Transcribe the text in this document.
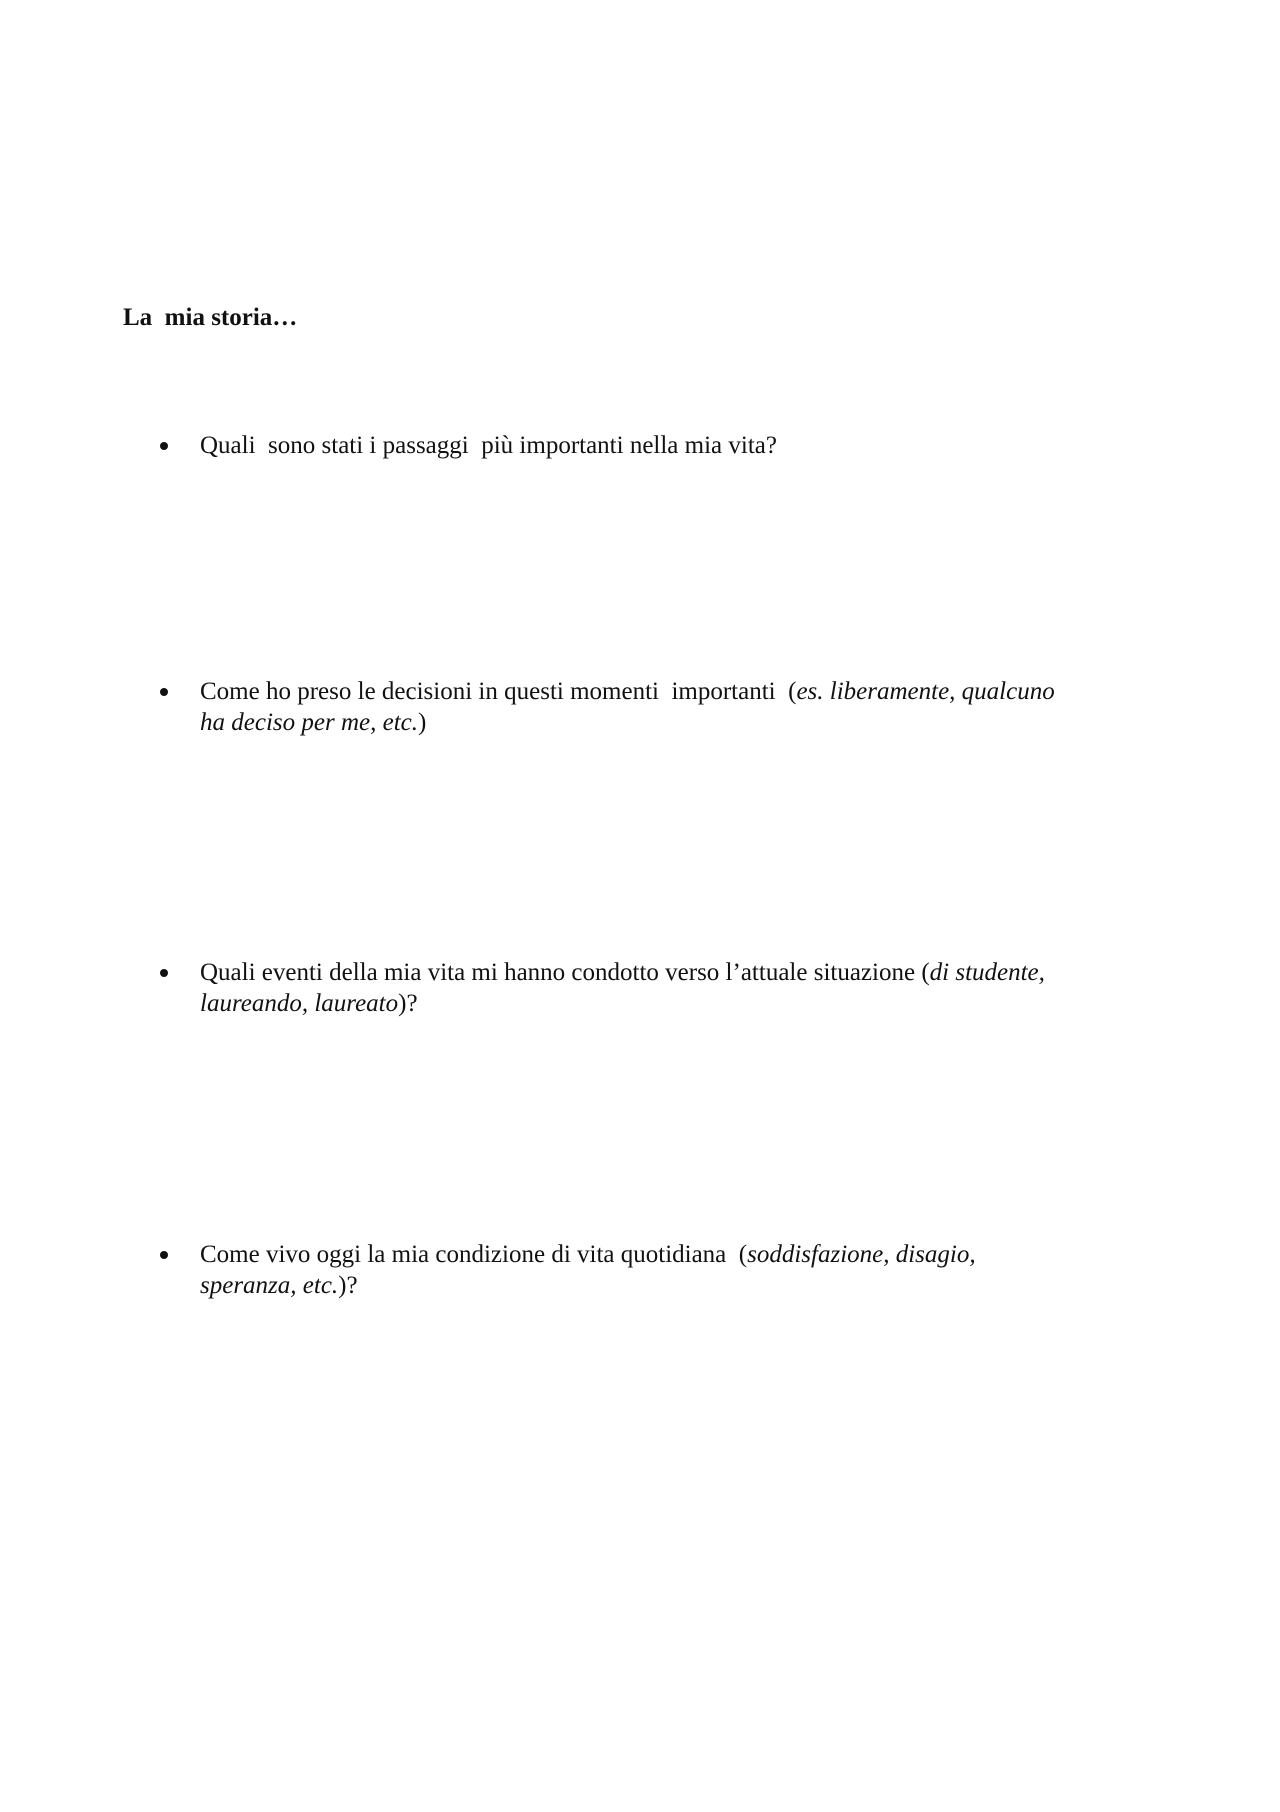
La  mia storia…
Quali  sono stati i passaggi  più importanti nella mia vita?
Come ho preso le decisioni in questi momenti  importanti  (es. liberamente, qualcuno
ha deciso per me, etc.)
Quali eventi della mia vita mi hanno condotto verso l’attuale situazione (di studente,
laureando, laureato)?
Come vivo oggi la mia condizione di vita quotidiana  (soddisfazione, disagio,
speranza, etc.)?
